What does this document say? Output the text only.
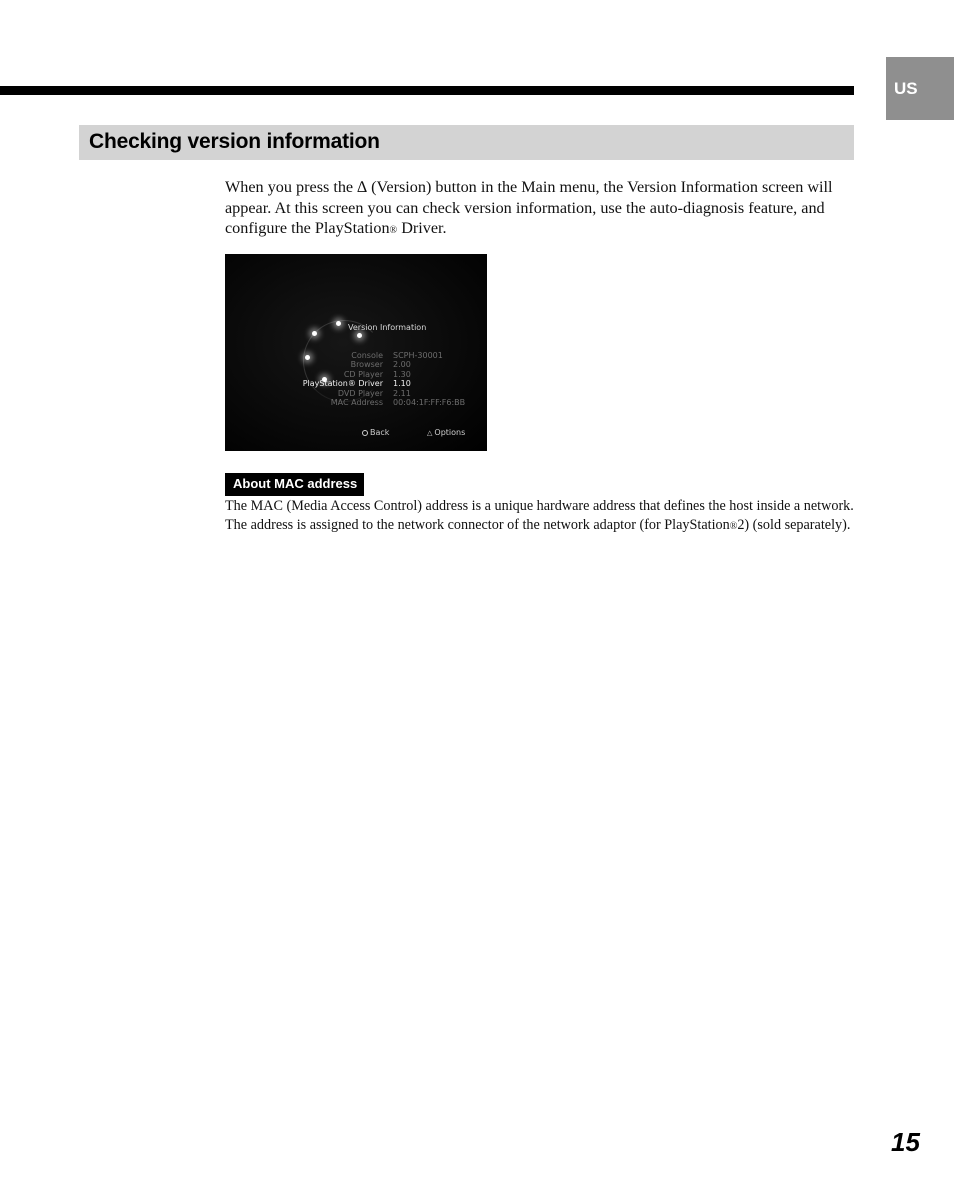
US
Checking version information

When you press the ∆ (Version) button in the Main menu, the Version Information screen will appear. At this screen you can check version information, use the auto-diagnosis feature, and configure the PlayStation® Driver.

Version Information
Console SCPH-30001
Browser 2.00
CD Player 1.30
PlayStation® Driver 1.10
DVD Player 2.11
MAC Address 00:04:1F:FF:F6:BB
Back	△ Options
About MAC address

The MAC (Media Access Control) address is a unique hardware address that defines the host inside a network. The address is assigned to the network connector of the network adaptor (for PlayStation®2) (sold separately).

15
